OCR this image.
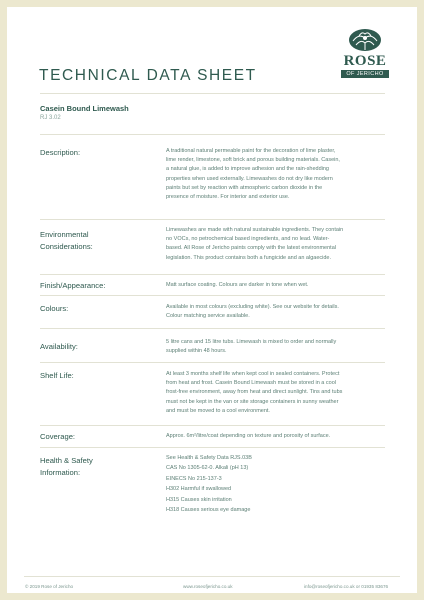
ROSE
OF JERICHO
TECHNICAL DATA SHEET
Casein Bound Limewash
RJ 3.02
Description:	A traditional natural permeable paint for the decoration of lime plaster,
lime render, limestone, soft brick and porous building materials. Casein,
a natural glue, is added to improve adhesion and the rain-shedding
properties when used externally. Limewashes do not dry like modern
paints but set by reaction with atmospheric carbon dioxide in the
presence of moisture. For interior and exterior use.
Environmental
Considerations:
Limewashes are made with natural sustainable ingredients. They contain
no VOCs, no petrochemical based ingredients, and no lead. Water-
based. All Rose of Jericho paints comply with the latest environmental
legislation. This product contains both a fungicide and an algaecide.
Finish/Appearance:	Matt surface coating. Colours are darker in tone when wet.
Colours:	Available in most colours (excluding white). See our website for details.
Colour matching service available.
Availability:	5 litre cans and 15 litre tubs. Limewash is mixed to order and normally
supplied within 48 hours.
Shelf Life:	At least 3 months shelf life when kept cool in sealed containers. Protect
from heat and frost. Casein Bound Limewash must be stored in a cool
frost-free environment, away from heat and direct sunlight. Tins and tubs
must not be kept in the van or site storage containers in sunny weather
and must be moved to a cool environment.
Coverage:	Approx. 6m²/litre/coat depending on texture and porosity of surface.
Health & Safety
Information:
See Health & Safety Data RJS.03B
CAS No 1305-62-0. Alkali (pH 13)
EINECS No 215-137-3
H302 Harmful if swallowed
H315 Causes skin irritation
H318 Causes serious eye damage
© 2019 Rose of Jericho	www.roseofjericho.co.uk	info@roseofjericho.co.uk or 01935 83676
